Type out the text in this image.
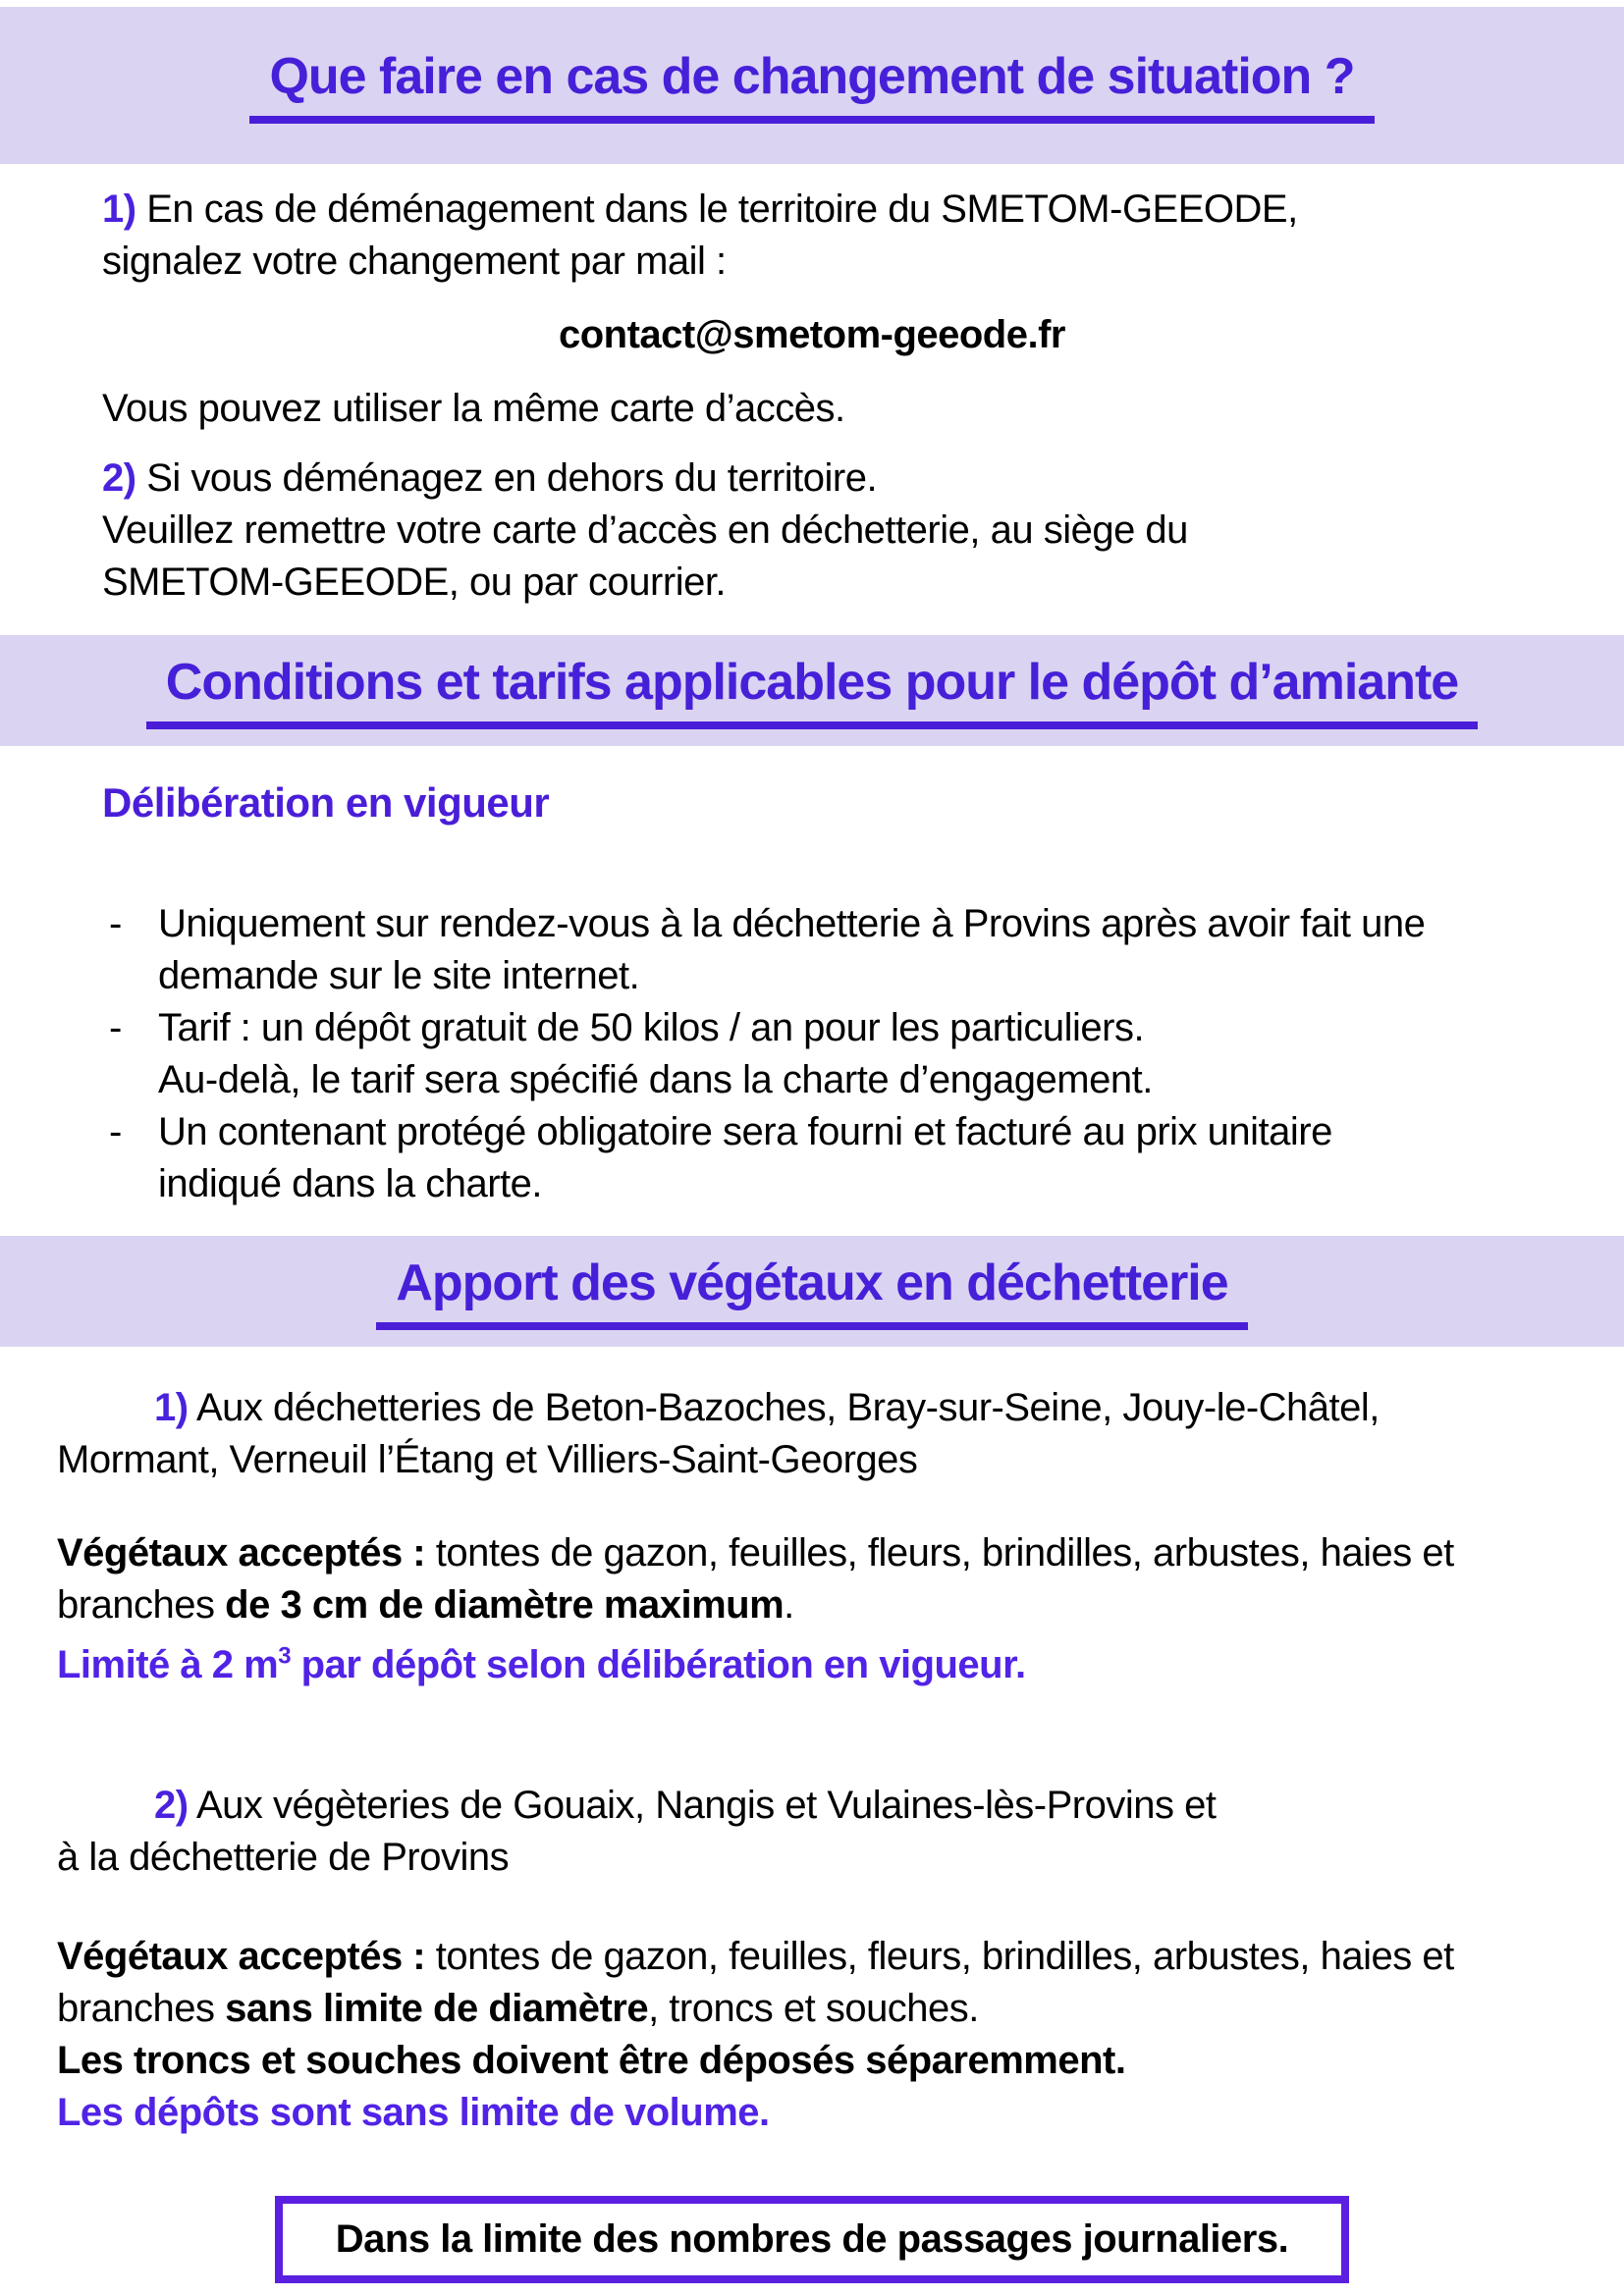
Que faire en cas de changement de situation ?
1) En cas de déménagement dans le territoire du SMETOM-GEEODE,
signalez votre changement par mail :
contact@smetom-geeode.fr
Vous pouvez utiliser la même carte d’accès.
2) Si vous déménagez en dehors du territoire.
Veuillez remettre votre carte d’accès en déchetterie, au siège du
SMETOM-GEEODE, ou par courrier.
Conditions et tarifs applicables pour le dépôt d’amiante
Délibération en vigueur
- Uniquement sur rendez-vous à la déchetterie à Provins après avoir fait une
demande sur le site internet.
- Tarif : un dépôt gratuit de 50 kilos / an pour les particuliers.
Au-delà, le tarif sera spécifié dans la charte d’engagement.
- Un contenant protégé obligatoire sera fourni et facturé au prix unitaire
indiqué dans la charte.
Apport des végétaux en déchetterie
1) Aux déchetteries de Beton-Bazoches, Bray-sur-Seine, Jouy-le-Châtel,
Mormant, Verneuil l’Étang et Villiers-Saint-Georges
Végétaux acceptés : tontes de gazon, feuilles, fleurs, brindilles, arbustes, haies et
branches de 3 cm de diamètre maximum.
Limité à 2 $m^3$ par dépôt selon délibération en vigueur.
2) Aux végèteries de Gouaix, Nangis et Vulaines-lès-Provins et
à la déchetterie de Provins
Végétaux acceptés : tontes de gazon, feuilles, fleurs, brindilles, arbustes, haies et
branches sans limite de diamètre, troncs et souches.
Les troncs et souches doivent être déposés séparemment.
Les dépôts sont sans limite de volume.
Dans la limite des nombres de passages journaliers.
